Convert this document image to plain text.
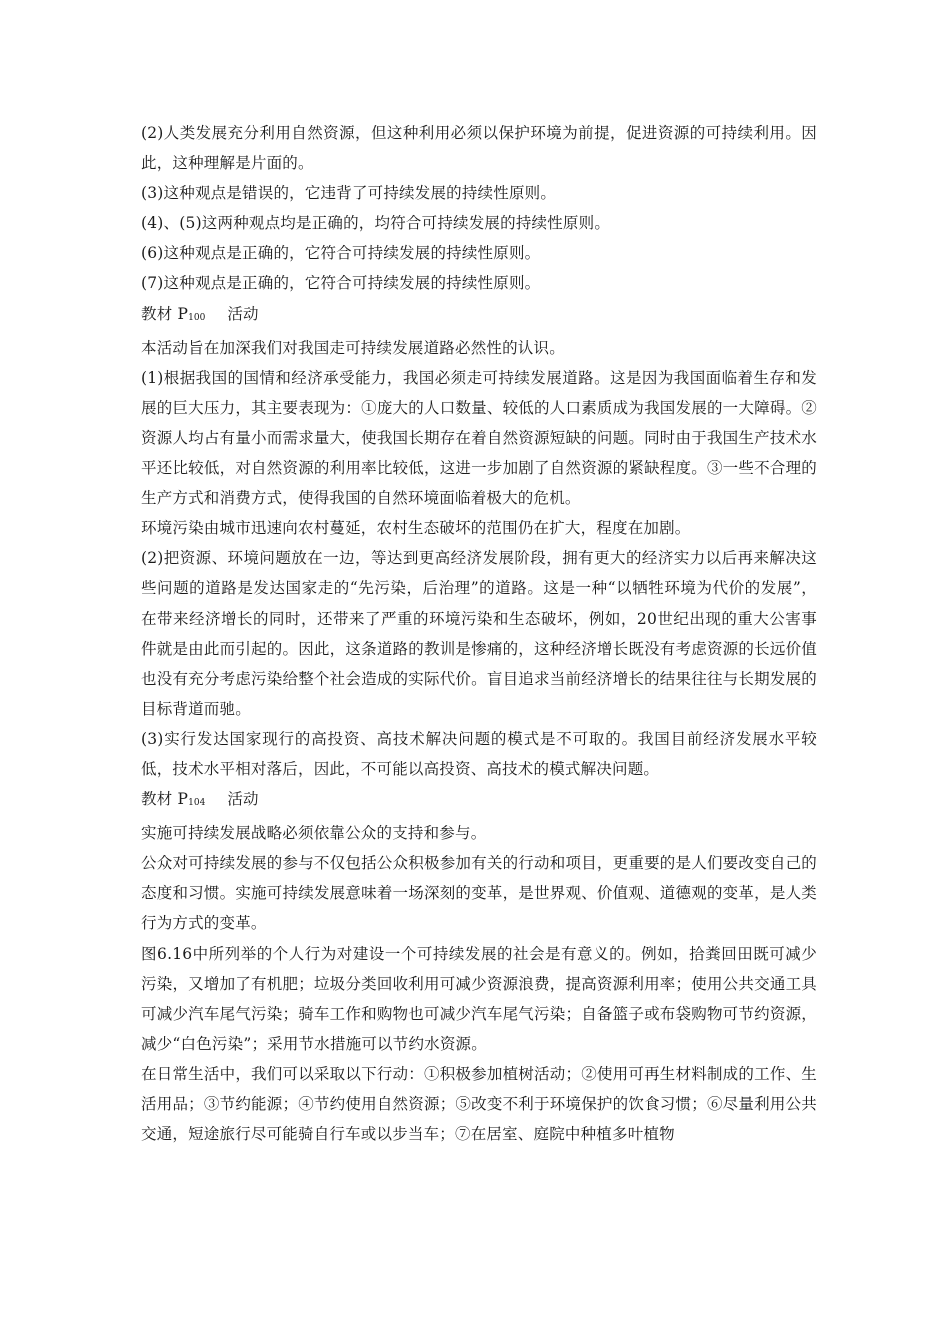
(2)人类发展充分利用自然资源，但这种利用必须以保护环境为前提，促进资源的可持续利用。因此，这种理解是片面的。

(3)这种观点是错误的，它违背了可持续发展的持续性原则。

(4)、(5)这两种观点均是正确的，均符合可持续发展的持续性原则。

(6)这种观点是正确的，它符合可持续发展的持续性原则。

(7)这种观点是正确的，它符合可持续发展的持续性原则。

教材 P100 活动

本活动旨在加深我们对我国走可持续发展道路必然性的认识。

(1)根据我国的国情和经济承受能力，我国必须走可持续发展道路。这是因为我国面临着生存和发展的巨大压力，其主要表现为：①庞大的人口数量、较低的人口素质成为我国发展的一大障碍。②资源人均占有量小而需求量大，使我国长期存在着自然资源短缺的问题。同时由于我国生产技术水平还比较低，对自然资源的利用率比较低，这进一步加剧了自然资源的紧缺程度。③一些不合理的生产方式和消费方式，使得我国的自然环境面临着极大的危机。

环境污染由城市迅速向农村蔓延，农村生态破坏的范围仍在扩大，程度在加剧。

(2)把资源、环境问题放在一边，等达到更高经济发展阶段，拥有更大的经济实力以后再来解决这些问题的道路是发达国家走的“先污染，后治理”的道路。这是一种“以牺牲环境为代价的发展”，在带来经济增长的同时，还带来了严重的环境污染和生态破坏，例如，20世纪出现的重大公害事件就是由此而引起的。因此，这条道路的教训是惨痛的，这种经济增长既没有考虑资源的长远价值也没有充分考虑污染给整个社会造成的实际代价。盲目追求当前经济增长的结果往往与长期发展的目标背道而驰。

(3)实行发达国家现行的高投资、高技术解决问题的模式是不可取的。我国目前经济发展水平较低，技术水平相对落后，因此，不可能以高投资、高技术的模式解决问题。

教材 P104 活动

实施可持续发展战略必须依靠公众的支持和参与。

公众对可持续发展的参与不仅包括公众积极参加有关的行动和项目，更重要的是人们要改变自己的态度和习惯。实施可持续发展意味着一场深刻的变革，是世界观、价值观、道德观的变革，是人类行为方式的变革。

图6.16中所列举的个人行为对建设一个可持续发展的社会是有意义的。例如，拾粪回田既可减少污染，又增加了有机肥；垃圾分类回收利用可减少资源浪费，提高资源利用率；使用公共交通工具可减少汽车尾气污染；骑车工作和购物也可减少汽车尾气污染；自备篮子或布袋购物可节约资源，减少“白色污染”；采用节水措施可以节约水资源。

在日常生活中，我们可以采取以下行动：①积极参加植树活动；②使用可再生材料制成的工作、生活用品；③节约能源；④节约使用自然资源；⑤改变不利于环境保护的饮食习惯；⑥尽量利用公共交通，短途旅行尽可能骑自行车或以步当车；⑦在居室、庭院中种植多叶植物
